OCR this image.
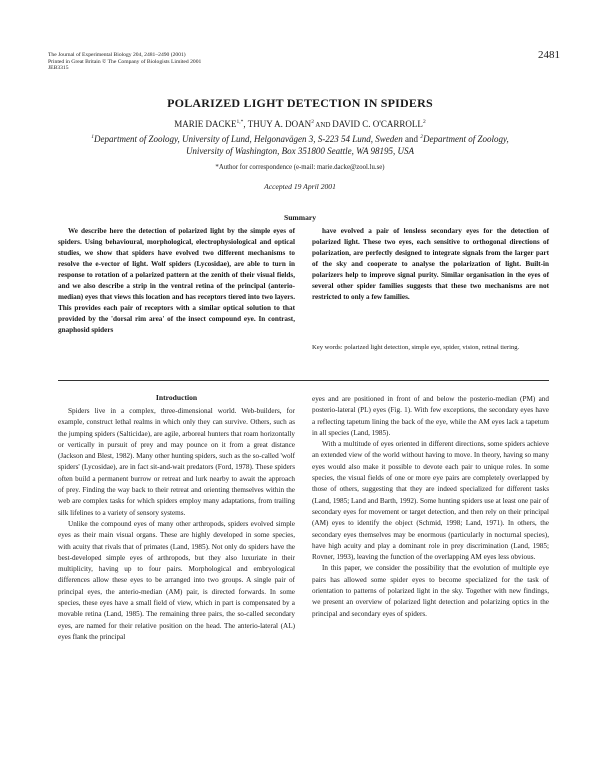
The Journal of Experimental Biology 204, 2481–2490 (2001)
Printed in Great Britain © The Company of Biologists Limited 2001
JEB3315
2481
POLARIZED LIGHT DETECTION IN SPIDERS
MARIE $DACKE^{1,*}$, THUY A. DOAN$^2$ AND DAVID C. O'CARROLL$^2$
$^1$Department of Zoology, University of Lund, Helgonavägen 3, S-223 54 Lund, Sweden and $^2$Department of Zoology, University of Washington, Box 351800 Seattle, WA 98195, USA
*Author for correspondence (e-mail: marie.dacke@zool.lu.se)
Accepted 19 April 2001
Summary

We describe here the detection of polarized light by the simple eyes of spiders. Using behavioural, morphological, electrophysiological and optical studies, we show that spiders have evolved two different mechanisms to resolve the e-vector of light. Wolf spiders (Lycosidae), are able to turn in response to rotation of a polarized pattern at the zenith of their visual fields, and we also describe a strip in the ventral retina of the principal (anterio-median) eyes that views this location and has receptors tiered into two layers. This provides each pair of receptors with a similar optical solution to that provided by the 'dorsal rim area' of the insect compound eye. In contrast, gnaphosid spiders

have evolved a pair of lensless secondary eyes for the detection of polarized light. These two eyes, each sensitive to orthogonal directions of polarization, are perfectly designed to integrate signals from the larger part of the sky and cooperate to analyse the polarization of light. Built-in polarizers help to improve signal purity. Similar organisation in the eyes of several other spider families suggests that these two mechanisms are not restricted to only a few families.

Key words: polarized light detection, simple eye, spider, vision, retinal tiering.

Introduction

Spiders live in a complex, three-dimensional world. Web-builders, for example, construct lethal realms in which only they can survive. Others, such as the jumping spiders (Salticidae), are agile, arboreal hunters that roam horizontally or vertically in pursuit of prey and may pounce on it from a great distance (Jackson and Blest, 1982). Many other hunting spiders, such as the so-called 'wolf spiders' (Lycosidae), are in fact sit-and-wait predators (Ford, 1978). These spiders often build a permanent burrow or retreat and lurk nearby to await the approach of prey. Finding the way back to their retreat and orienting themselves within the web are complex tasks for which spiders employ many adaptations, from trailing silk lifelines to a variety of sensory systems.

Unlike the compound eyes of many other arthropods, spiders evolved simple eyes as their main visual organs. These are highly developed in some species, with acuity that rivals that of primates (Land, 1985). Not only do spiders have the best-developed simple eyes of arthropods, but they also luxuriate in their multiplicity, having up to four pairs. Morphological and embryological differences allow these eyes to be arranged into two groups. A single pair of principal eyes, the anterio-median (AM) pair, is directed forwards. In some species, these eyes have a small field of view, which in part is compensated by a movable retina (Land, 1985). The remaining three pairs, the so-called secondary eyes, are named for their relative position on the head. The anterio-lateral (AL) eyes flank the principal

eyes and are positioned in front of and below the posterio-median (PM) and posterio-lateral (PL) eyes (Fig. 1). With few exceptions, the secondary eyes have a reflecting tapetum lining the back of the eye, while the AM eyes lack a tapetum in all species (Land, 1985).

With a multitude of eyes oriented in different directions, some spiders achieve an extended view of the world without having to move. In theory, having so many eyes would also make it possible to devote each pair to unique roles. In some species, the visual fields of one or more eye pairs are completely overlapped by those of others, suggesting that they are indeed specialized for different tasks (Land, 1985; Land and Barth, 1992). Some hunting spiders use at least one pair of secondary eyes for movement or target detection, and then rely on their principal (AM) eyes to identify the object (Schmid, 1998; Land, 1971). In others, the secondary eyes themselves may be enormous (particularly in nocturnal species), have high acuity and play a dominant role in prey discrimination (Land, 1985; Rovner, 1993), leaving the function of the overlapping AM eyes less obvious.

In this paper, we consider the possibility that the evolution of multiple eye pairs has allowed some spider eyes to become specialized for the task of orientation to patterns of polarized light in the sky. Together with new findings, we present an overview of polarized light detection and polarizing optics in the principal and secondary eyes of spiders.
